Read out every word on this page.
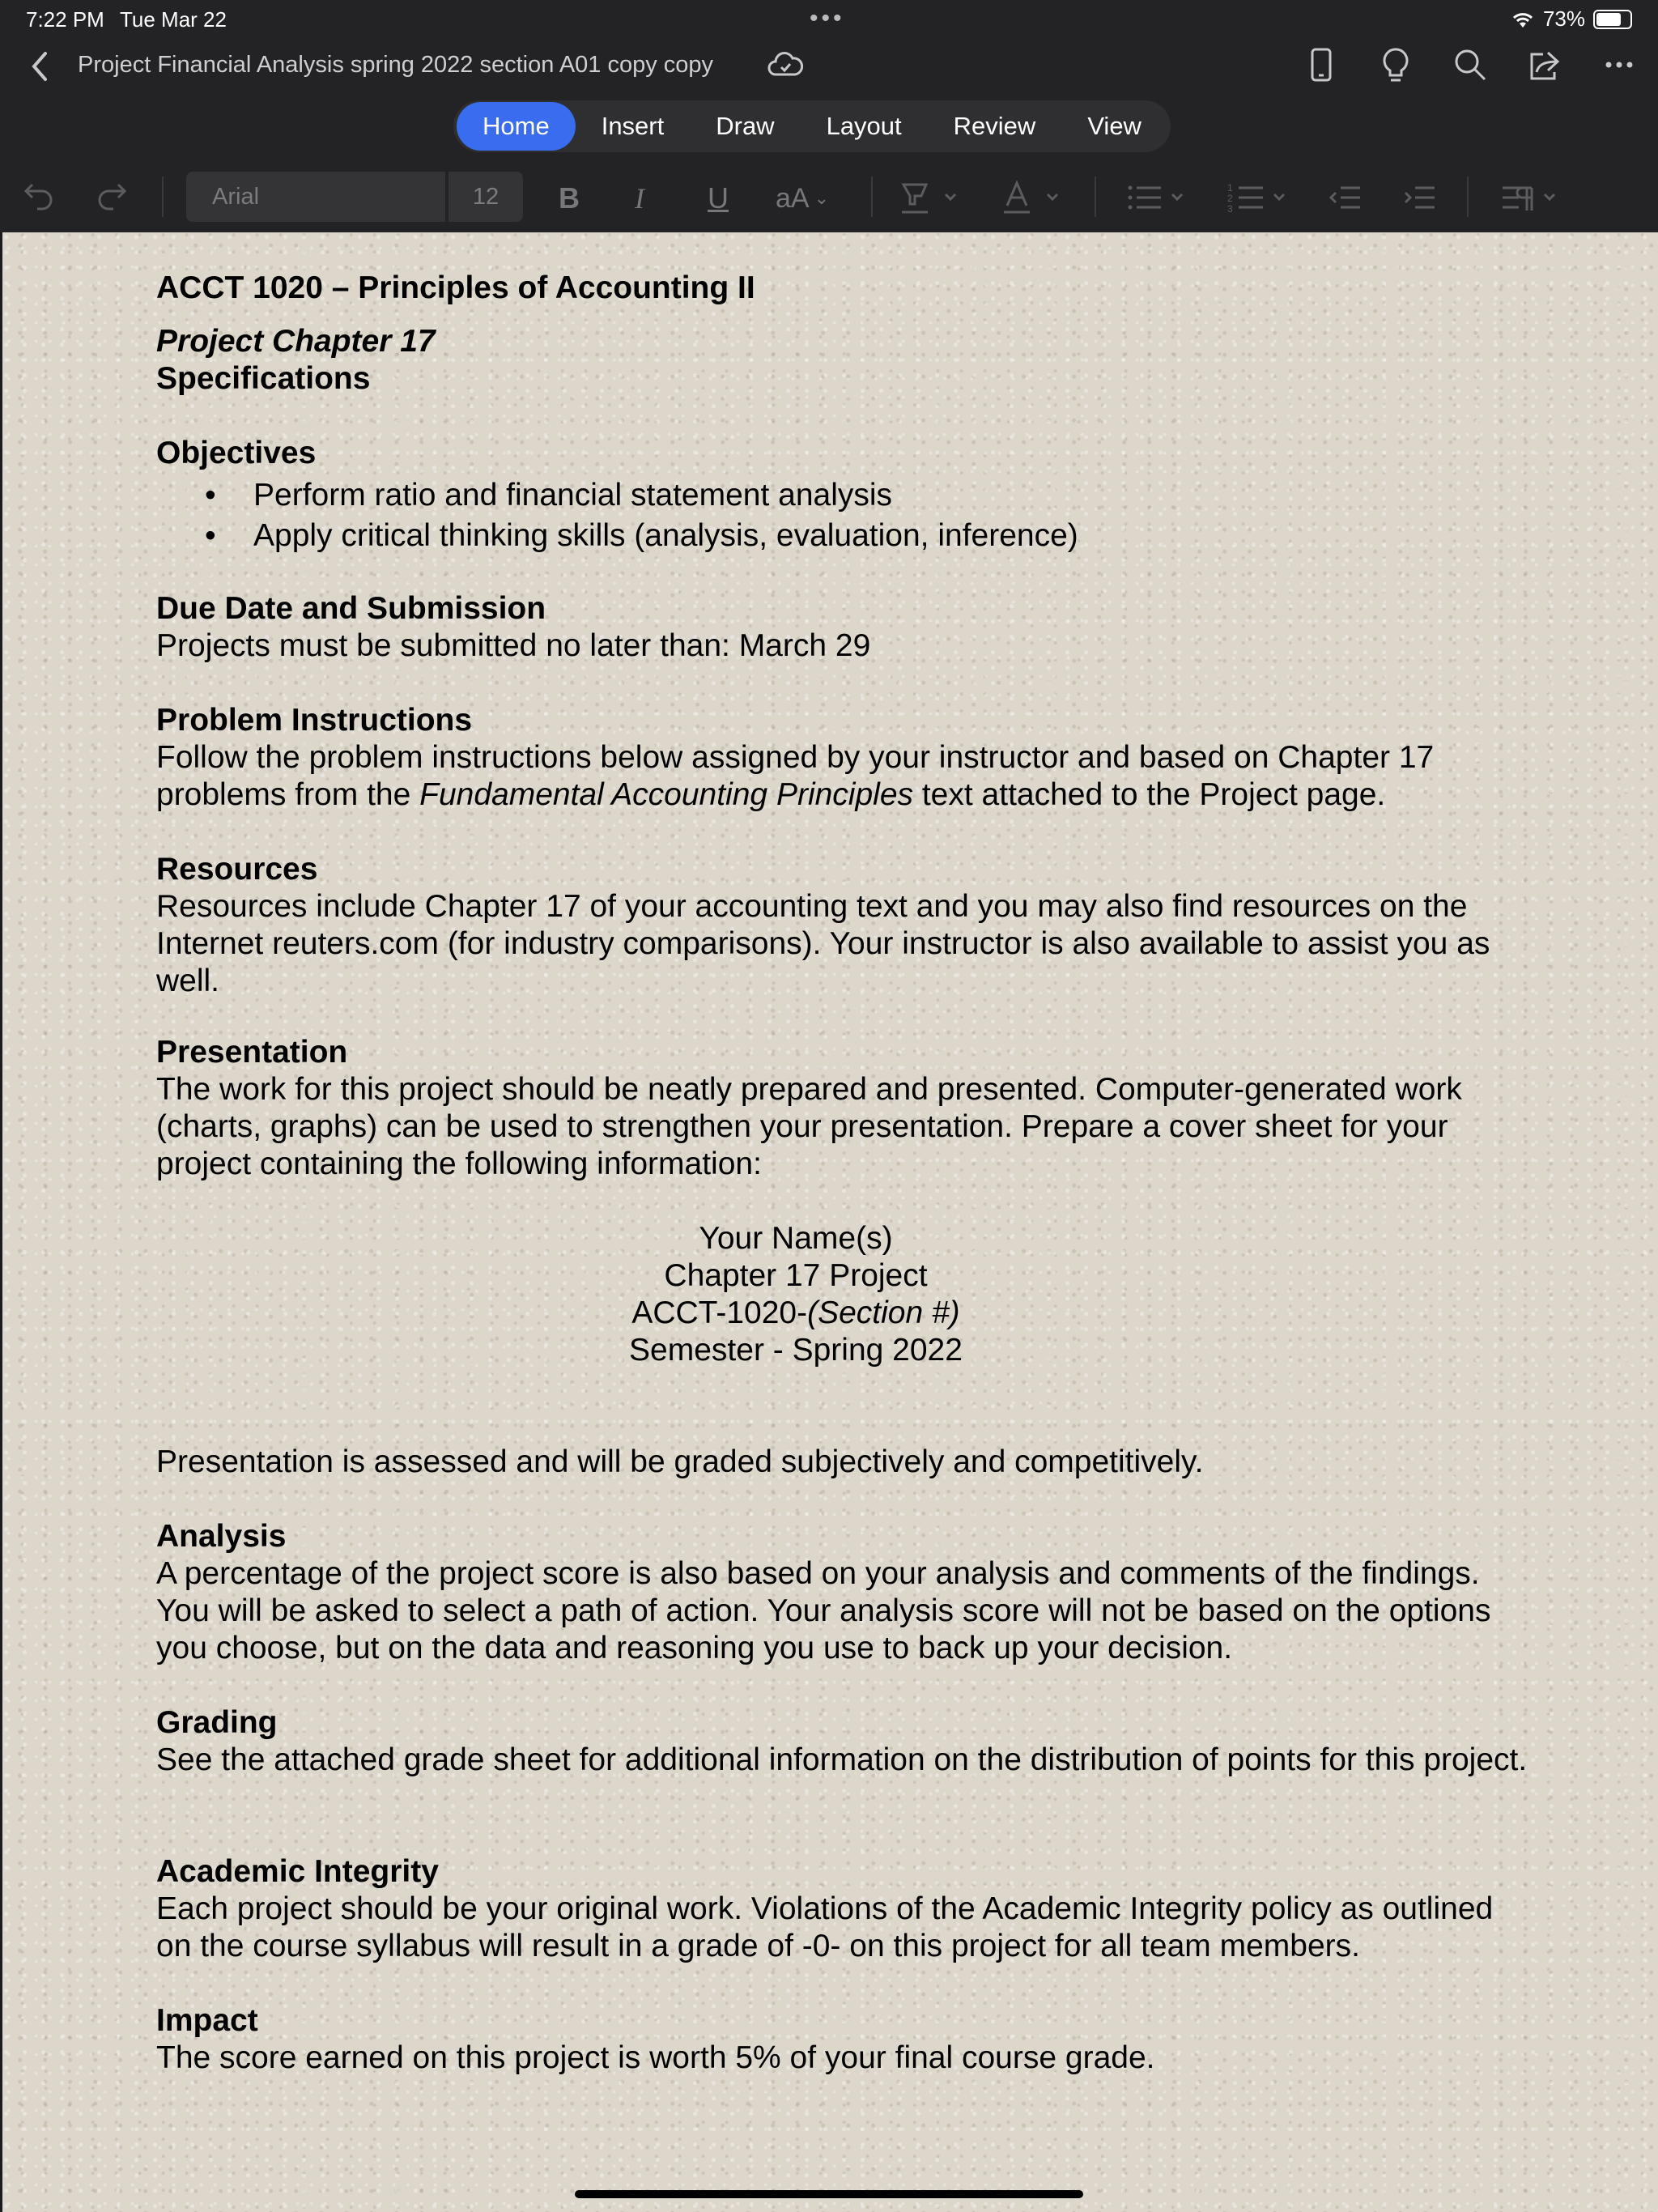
7:22 PM Tue Mar 22	•••	73%
Project Financial Analysis spring 2022 section A01 copy copy
Home	Insert	Draw	Layout	Review	View
Arial	12	B I U aA ⌄	1
2
3
ACCT 1020 – Principles of Accounting II

Project Chapter 17

Specifications

Objectives

• Perform ratio and financial statement analysis
• Apply critical thinking skills (analysis, evaluation, inference)

Due Date and Submission

Projects must be submitted no later than: March 29

Problem Instructions

Follow the problem instructions below assigned by your instructor and based on Chapter 17 problems from the Fundamental Accounting Principles text attached to the Project page.

Resources

Resources include Chapter 17 of your accounting text and you may also find resources on the Internet reuters.com (for industry comparisons). Your instructor is also available to assist you as well.

Presentation

The work for this project should be neatly prepared and presented. Computer-generated work (charts, graphs) can be used to strengthen your presentation. Prepare a cover sheet for your project containing the following information:

Your Name(s)

Chapter 17 Project

ACCT-1020-(Section #)

Semester - Spring 2022

Presentation is assessed and will be graded subjectively and competitively.

Analysis

A percentage of the project score is also based on your analysis and comments of the findings. You will be asked to select a path of action. Your analysis score will not be based on the options you choose, but on the data and reasoning you use to back up your decision.

Grading

See the attached grade sheet for additional information on the distribution of points for this project.

Academic Integrity

Each project should be your original work. Violations of the Academic Integrity policy as outlined on the course syllabus will result in a grade of -0- on this project for all team members.

Impact

The score earned on this project is worth 5% of your final course grade.
